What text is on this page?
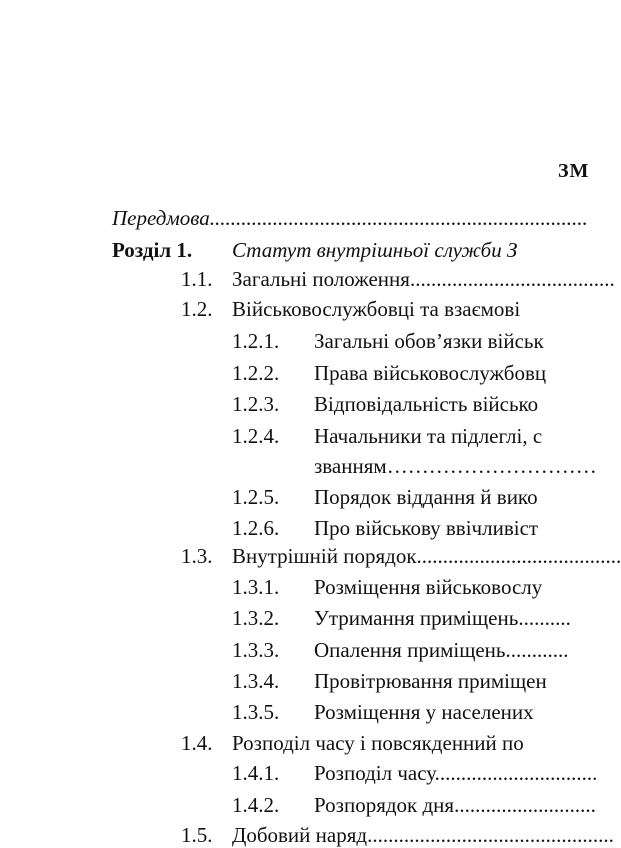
ЗМ
Передмова........................................................................
Розділ 1. Статут внутрішньої служби З
1.1. Загальні положення.......................................
1.2. Військовослужбовці та взаємові
1.2.1. Загальні обов’язки військ
1.2.2. Права військовослужбовц
1.2.3. Відповідальність військо
1.2.4. Начальники та підлеглі, с
званням…………………………
1.2.5. Порядок віддання й вико
1.2.6. Про військову ввічливіст
1.3. Внутрішній порядок.......................................
1.3.1. Розміщення військовослу
1.3.2. Утримання приміщень..........
1.3.3. Опалення приміщень............
1.3.4. Провітрювання приміщен
1.3.5. Розміщення у населених
1.4. Розподіл часу і повсякденний по
1.4.1. Розподіл часу...............................
1.4.2. Розпорядок дня...........................
1.5. Добовий наряд...............................................
